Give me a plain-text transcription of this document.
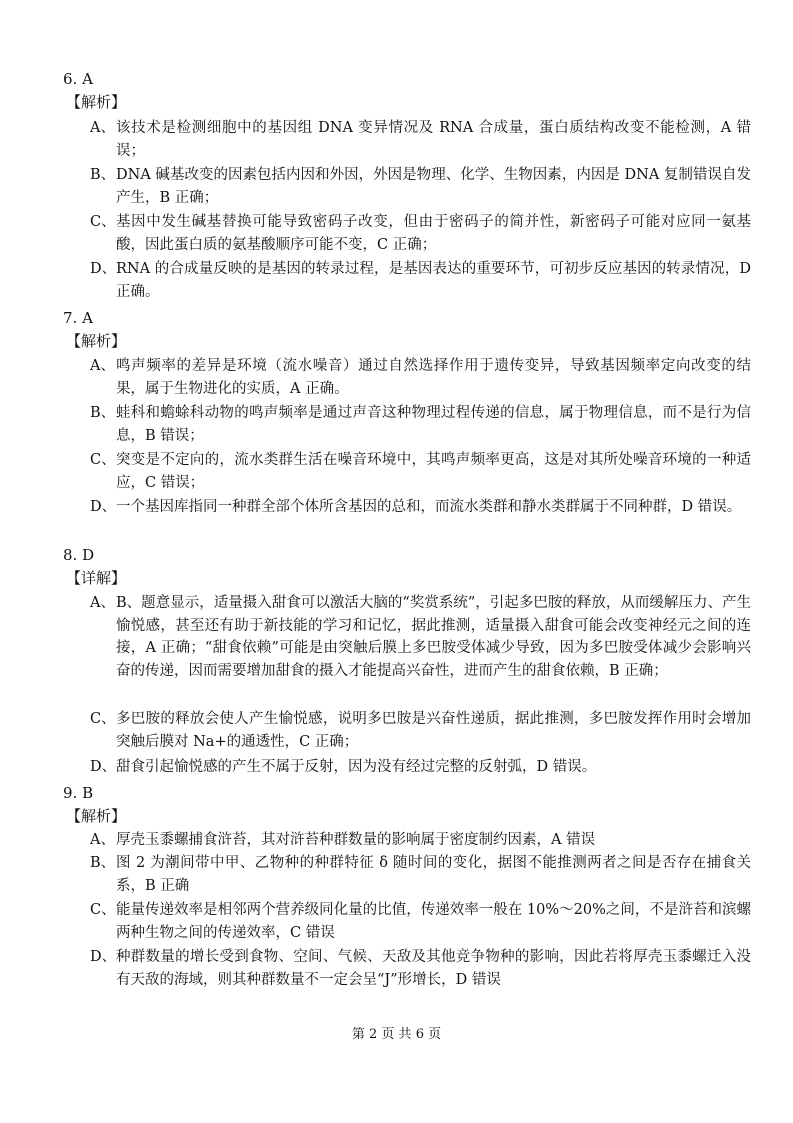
6. A
【解析】
A、 该技术是检测细胞中的基因组 DNA 变异情况及 RNA 合成量，蛋白质结构改变不能检测，A 错误；
B、 DNA 碱基改变的因素包括内因和外因，外因是物理、化学、生物因素，内因是 DNA 复制错误自发产生，B 正确；
C、 基因中发生碱基替换可能导致密码子改变，但由于密码子的简并性，新密码子可能对应同一氨基酸，因此蛋白质的氨基酸顺序可能不变，C 正确；
D、 RNA 的合成量反映的是基因的转录过程，是基因表达的重要环节，可初步反应基因的转录情况，D 正确。
7. A
【解析】
A、 鸣声频率的差异是环境（流水噪音）通过自然选择作用于遗传变异，导致基因频率定向改变的结果，属于生物进化的实质，A 正确。
B、 蛙科和蟾蜍科动物的鸣声频率是通过声音这种物理过程传递的信息，属于物理信息，而不是行为信息，B 错误；
C、 突变是不定向的，流水类群生活在噪音环境中，其鸣声频率更高，这是对其所处噪音环境的一种适应，C 错误；
D、 一个基因库指同一种群全部个体所含基因的总和，而流水类群和静水类群属于不同种群，D 错误。
8. D
【详解】
A、 B、题意显示，适量摄入甜食可以激活大脑的“奖赏系统”，引起多巴胺的释放，从而缓解压力、产生愉悦感，甚至还有助于新技能的学习和记忆，据此推测，适量摄入甜食可能会改变神经元之间的连接，A 正确；“甜食依赖”可能是由突触后膜上多巴胺受体减少导致，因为多巴胺受体减少会影响兴奋的传递，因而需要增加甜食的摄入才能提高兴奋性，进而产生的甜食依赖，B 正确；
C、 多巴胺的释放会使人产生愉悦感，说明多巴胺是兴奋性递质，据此推测，多巴胺发挥作用时会增加突触后膜对 Na+的通透性，C 正确；
D、 甜食引起愉悦感的产生不属于反射，因为没有经过完整的反射弧，D 错误。
9. B
【解析】
A、 厚壳玉黍螺捕食浒苔，其对浒苔种群数量的影响属于密度制约因素，A 错误
B、 图 2 为潮间带中甲、乙物种的种群特征 δ 随时间的变化，据图不能推测两者之间是否存在捕食关系，B 正确
C、 能量传递效率是相邻两个营养级同化量的比值，传递效率一般在 10%～20%之间，不是浒苔和滨螺两种生物之间的传递效率，C 错误
D、 种群数量的增长受到食物、空间、气候、天敌及其他竞争物种的影响，因此若将厚壳玉黍螺迁入没有天敌的海域，则其种群数量不一定会呈“J”形增长，D 错误
第 2 页 共 6 页
